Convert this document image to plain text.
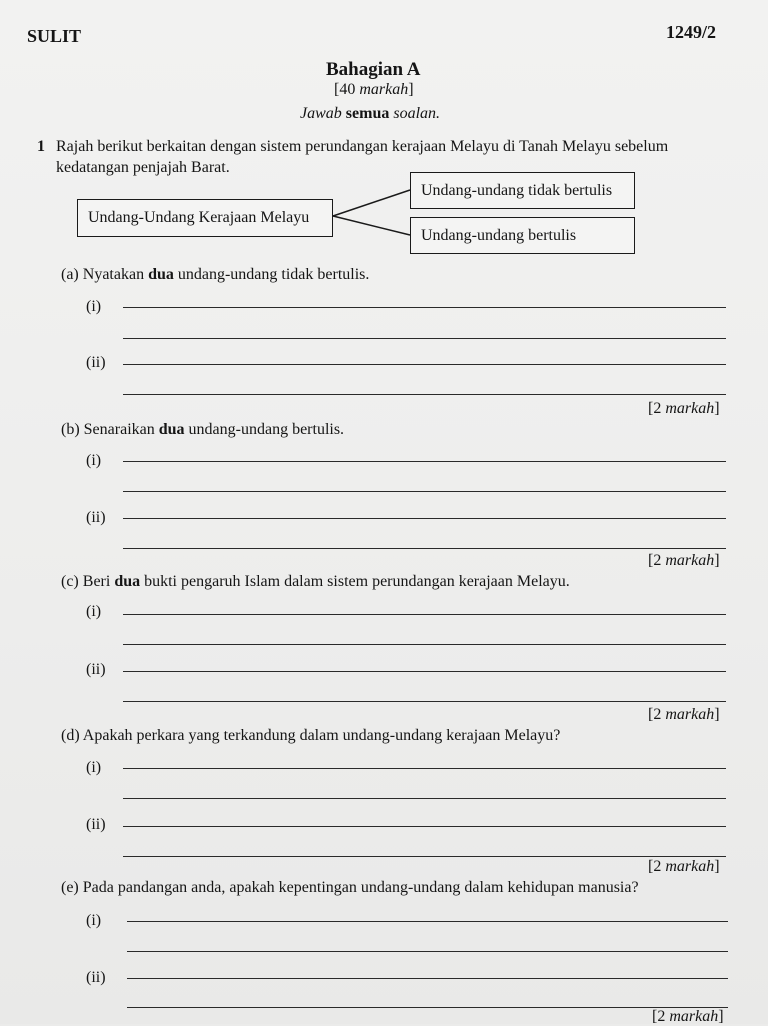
SULIT	1249/2
Bahagian A
[40 markah]
Jawab semua soalan.
1 Rajah berikut berkaitan dengan sistem perundangan kerajaan Melayu di Tanah Melayu sebelum
kedatangan penjajah Barat.
Undang-Undang Kerajaan Melayu
Undang-undang tidak bertulis
Undang-undang bertulis
(a) Nyatakan dua undang-undang tidak bertulis.
(i)
(ii)
[2 markah]
(b) Senaraikan dua undang-undang bertulis.
(i)
(ii)
[2 markah]
(c) Beri dua bukti pengaruh Islam dalam sistem perundangan kerajaan Melayu.
(i)
(ii)
[2 markah]
(d) Apakah perkara yang terkandung dalam undang-undang kerajaan Melayu?
(i)
(ii)
[2 markah]
(e) Pada pandangan anda, apakah kepentingan undang-undang dalam kehidupan manusia?
(i)
(ii)
[2 markah]
